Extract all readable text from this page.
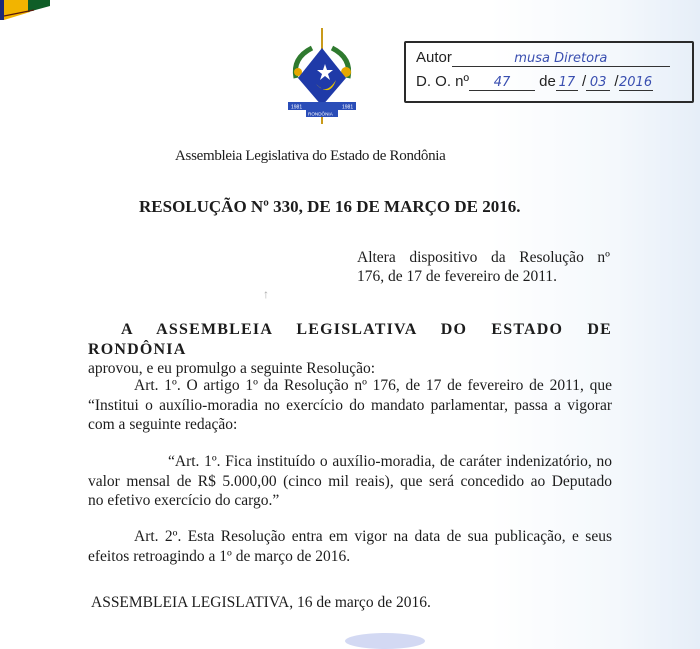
1981	1981
RONDÔNIA
Autor	musa Diretora
D. O. nº 47 de 17 / 03 /2016
Assembleia Legislativa do Estado de Rondônia
RESOLUÇÃO Nº 330, DE 16 DE MARÇO DE 2016.
Altera dispositivo da Resolução nº
176, de 17 de fevereiro de 2011.
↑
A ASSEMBLEIA LEGISLATIVA DO ESTADO DE RONDÔNIA
aprovou, e eu promulgo a seguinte Resolução:
Art. 1º. O artigo 1º da Resolução nº 176, de 17 de fevereiro de 2011, que
“Institui o auxílio-moradia no exercício do mandato parlamentar, passa a vigorar
com a seguinte redação:
“Art. 1º. Fica instituído o auxílio-moradia, de caráter indenizatório, no
valor mensal de R$ 5.000,00 (cinco mil reais), que será concedido ao Deputado
no efetivo exercício do cargo.”
Art. 2º. Esta Resolução entra em vigor na data de sua publicação, e seus
efeitos retroagindo a 1º de março de 2016.
ASSEMBLEIA LEGISLATIVA, 16 de março de 2016.
